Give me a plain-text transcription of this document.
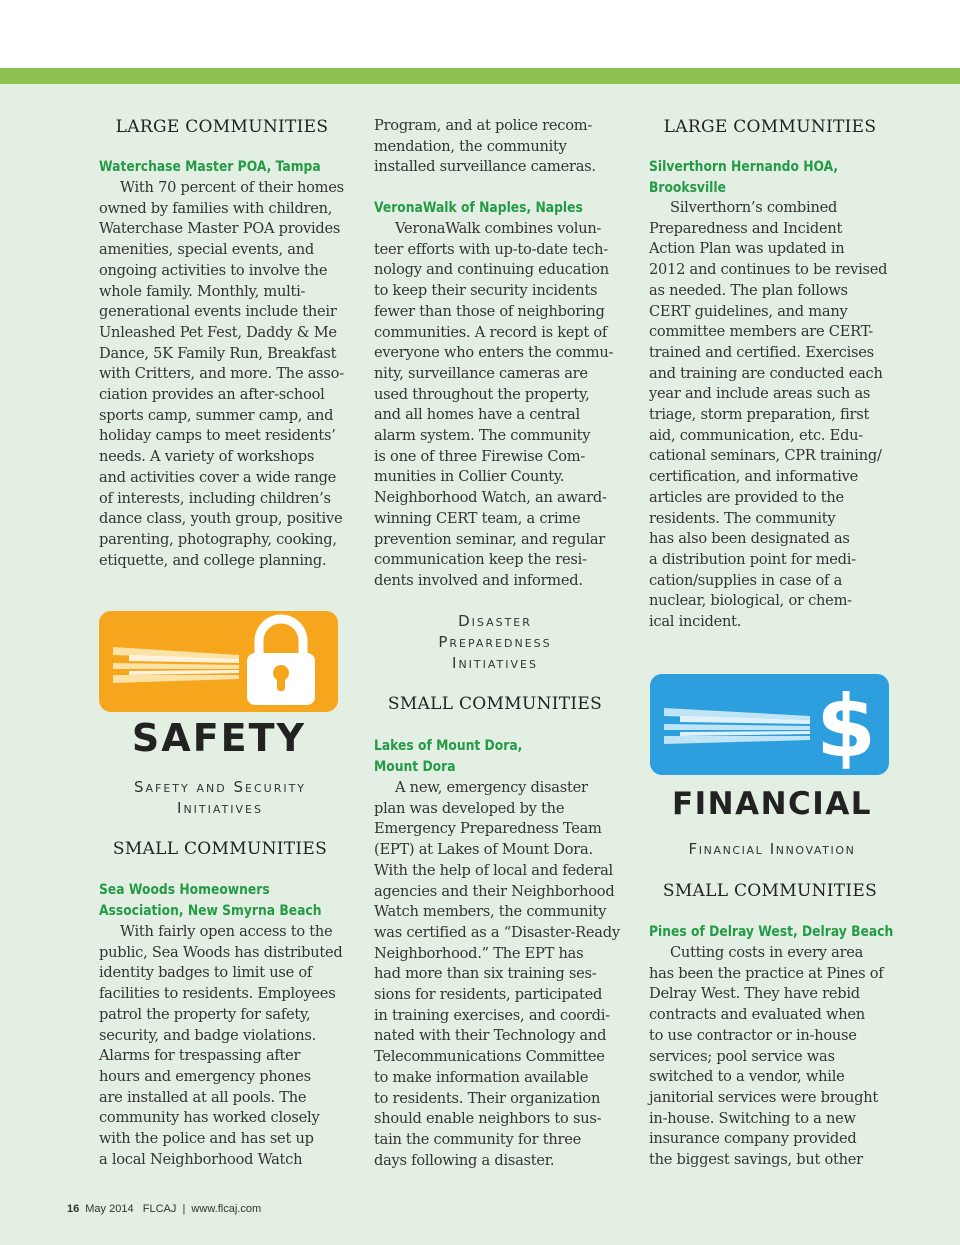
LARGE COMMUNITIES
Waterchase Master POA, Tampa
With 70 percent of their homes
owned by families with children,
Waterchase Master POA provides
amenities, special events, and
ongoing activities to involve the
whole family. Monthly, multi-
generational events include their
Unleashed Pet Fest, Daddy & Me
Dance, 5K Family Run, Breakfast
with Critters, and more. The asso-
ciation provides an after-school
sports camp, summer camp, and
holiday camps to meet residents’
needs. A variety of workshops
and activities cover a wide range
of interests, including children’s
dance class, youth group, positive
parenting, photography, cooking,
etiquette, and college planning.
SAFETY
Safety and Security
Initiatives
SMALL COMMUNITIES
Sea Woods Homeowners
Association, New Smyrna Beach
With fairly open access to the
public, Sea Woods has distributed
identity badges to limit use of
facilities to residents. Employees
patrol the property for safety,
security, and badge violations.
Alarms for trespassing after
hours and emergency phones
are installed at all pools. The
community has worked closely
with the police and has set up
a local Neighborhood Watch
Program, and at police recom-
mendation, the community
installed surveillance cameras.
VeronaWalk of Naples, Naples
VeronaWalk combines volun-
teer efforts with up-to-date tech-
nology and continuing education
to keep their security incidents
fewer than those of neighboring
communities. A record is kept of
everyone who enters the commu-
nity, surveillance cameras are
used throughout the property,
and all homes have a central
alarm system. The community
is one of three Firewise Com-
munities in Collier County.
Neighborhood Watch, an award-
winning CERT team, a crime
prevention seminar, and regular
communication keep the resi-
dents involved and informed.
Disaster
Preparedness
Initiatives
SMALL COMMUNITIES
Lakes of Mount Dora,
Mount Dora
A new, emergency disaster
plan was developed by the
Emergency Preparedness Team
(EPT) at Lakes of Mount Dora.
With the help of local and federal
agencies and their Neighborhood
Watch members, the community
was certified as a “Disaster-Ready
Neighborhood.” The EPT has
had more than six training ses-
sions for residents, participated
in training exercises, and coordi-
nated with their Technology and
Telecommunications Committee
to make information available
to residents. Their organization
should enable neighbors to sus-
tain the community for three
days following a disaster.
LARGE COMMUNITIES
Silverthorn Hernando HOA,
Brooksville
Silverthorn’s combined
Preparedness and Incident
Action Plan was updated in
2012 and continues to be revised
as needed. The plan follows
CERT guidelines, and many
committee members are CERT-
trained and certified. Exercises
and training are conducted each
year and include areas such as
triage, storm preparation, first
aid, communication, etc. Edu-
cational seminars, CPR training/
certification, and informative
articles are provided to the
residents. The community
has also been designated as
a distribution point for medi-
cation/supplies in case of a
nuclear, biological, or chem-
ical incident.
$
FINANCIAL
Financial Innovation
SMALL COMMUNITIES
Pines of Delray West, Delray Beach
Cutting costs in every area
has been the practice at Pines of
Delray West. They have rebid
contracts and evaluated when
to use contractor or in-house
services; pool service was
switched to a vendor, while
janitorial services were brought
in-house. Switching to a new
insurance company provided
the biggest savings, but other
16 May 2014   FLCAJ  |  www.flcaj.com
